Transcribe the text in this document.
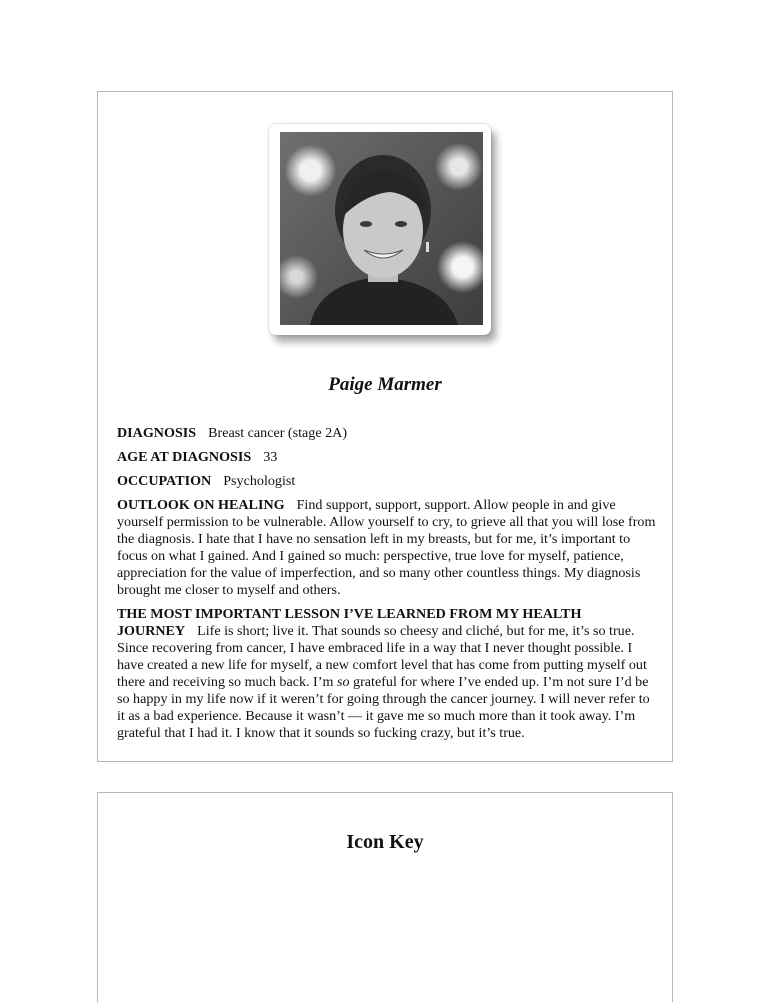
Paige Marmer

DIAGNOSIS Breast cancer (stage 2A)

AGE AT DIAGNOSIS 33

OCCUPATION Psychologist

OUTLOOK ON HEALING Find support, support, support. Allow people in and give yourself permission to be vulnerable. Allow yourself to cry, to grieve all that you will lose from the diagnosis. I hate that I have no sensation left in my breasts, but for me, it’s important to focus on what I gained. And I gained so much: perspective, true love for myself, patience, appreciation for the value of imperfection, and so many other countless things. My diagnosis brought me closer to myself and others.

THE MOST IMPORTANT LESSON I’VE LEARNED FROM MY HEALTH JOURNEY Life is short; live it. That sounds so cheesy and cliché, but for me, it’s so true. Since recovering from cancer, I have embraced life in a way that I never thought possible. I have created a new life for myself, a new comfort level that has come from putting myself out there and receiving so much back. I’m so grateful for where I’ve ended up. I’m not sure I’d be so happy in my life now if it weren’t for going through the cancer journey. I will never refer to it as a bad experience. Because it wasn’t — it gave me so much more than it took away. I’m grateful that I had it. I know that it sounds so fucking crazy, but it’s true.

Icon Key
